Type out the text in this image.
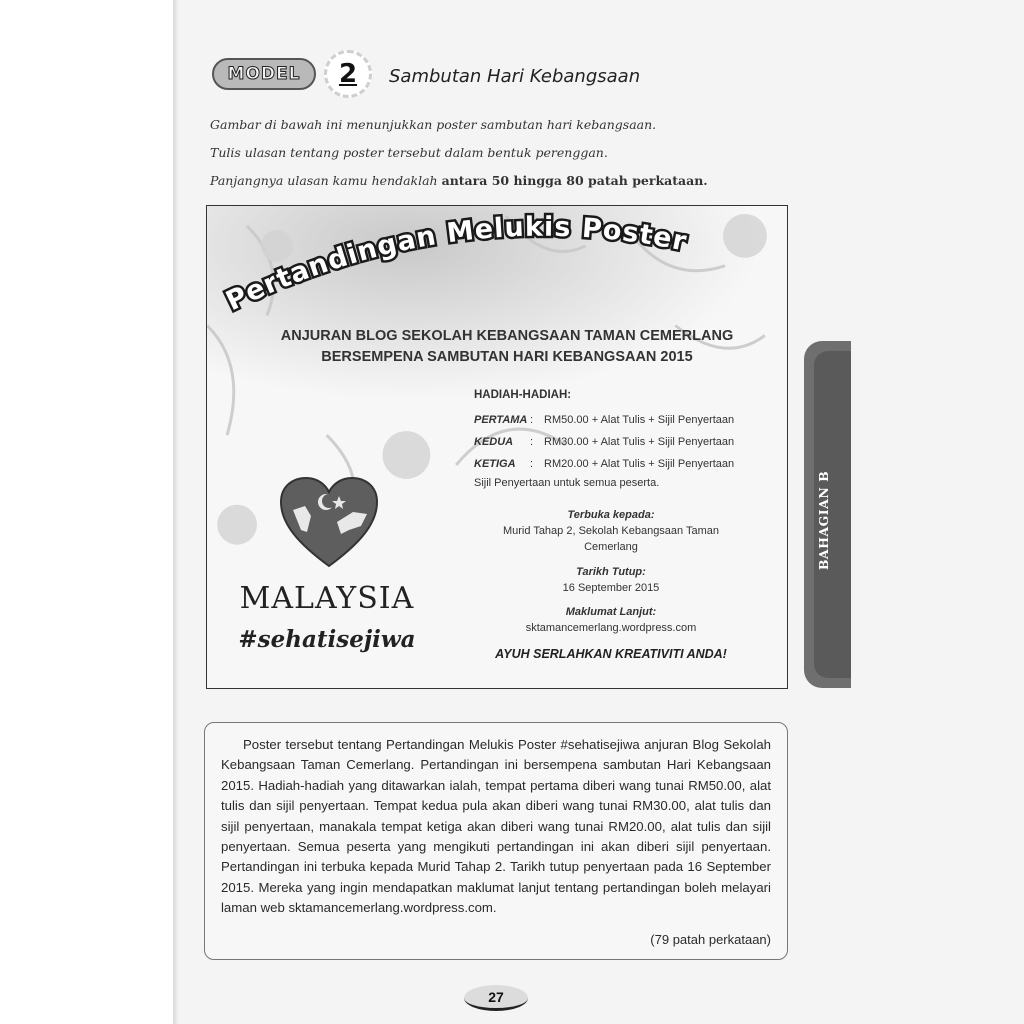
MODEL	2	Sambutan Hari Kebangsaan
Gambar di bawah ini menunjukkan poster sambutan hari kebangsaan.
Tulis ulasan tentang poster tersebut dalam bentuk perenggan.
Panjangnya ulasan kamu hendaklah antara 50 hingga 80 patah perkataan.
Pertandingan Melukis Poster
ANJURAN BLOG SEKOLAH KEBANGSAAN TAMAN CEMERLANG
BERSEMPENA SAMBUTAN HARI KEBANGSAAN 2015
HADIAH-HADIAH:
PERTAMA : RM50.00 + Alat Tulis + Sijil Penyertaan
KEDUA	: RM30.00 + Alat Tulis + Sijil Penyertaan
KETIGA	: RM20.00 + Alat Tulis + Sijil Penyertaan
Sijil Penyertaan untuk semua peserta.
Terbuka kepada:
Murid Tahap 2, Sekolah Kebangsaan Taman
Cemerlang
Tarikh Tutup:
16 September 2015
Maklumat Lanjut:
sktamancemerlang.wordpress.com
AYUH SERLAHKAN KREATIVITI ANDA!
MALAYSIA
#sehatisejiwa
BAHAGIAN B
Poster tersebut tentang Pertandingan Melukis Poster #sehatisejiwa anjuran Blog Sekolah Kebangsaan Taman Cemerlang. Pertandingan ini bersempena sambutan Hari Kebangsaan 2015. Hadiah-hadiah yang ditawarkan ialah, tempat pertama diberi wang tunai RM50.00, alat tulis dan sijil penyertaan. Tempat kedua pula akan diberi wang tunai RM30.00, alat tulis dan sijil penyertaan, manakala tempat ketiga akan diberi wang tunai RM20.00, alat tulis dan sijil penyertaan. Semua peserta yang mengikuti pertandingan ini akan diberi sijil penyertaan. Pertandingan ini terbuka kepada Murid Tahap 2. Tarikh tutup penyertaan pada 16 September 2015. Mereka yang ingin mendapatkan maklumat lanjut tentang pertandingan boleh melayari laman web sktamancemerlang.wordpress.com.
(79 patah perkataan)
27
